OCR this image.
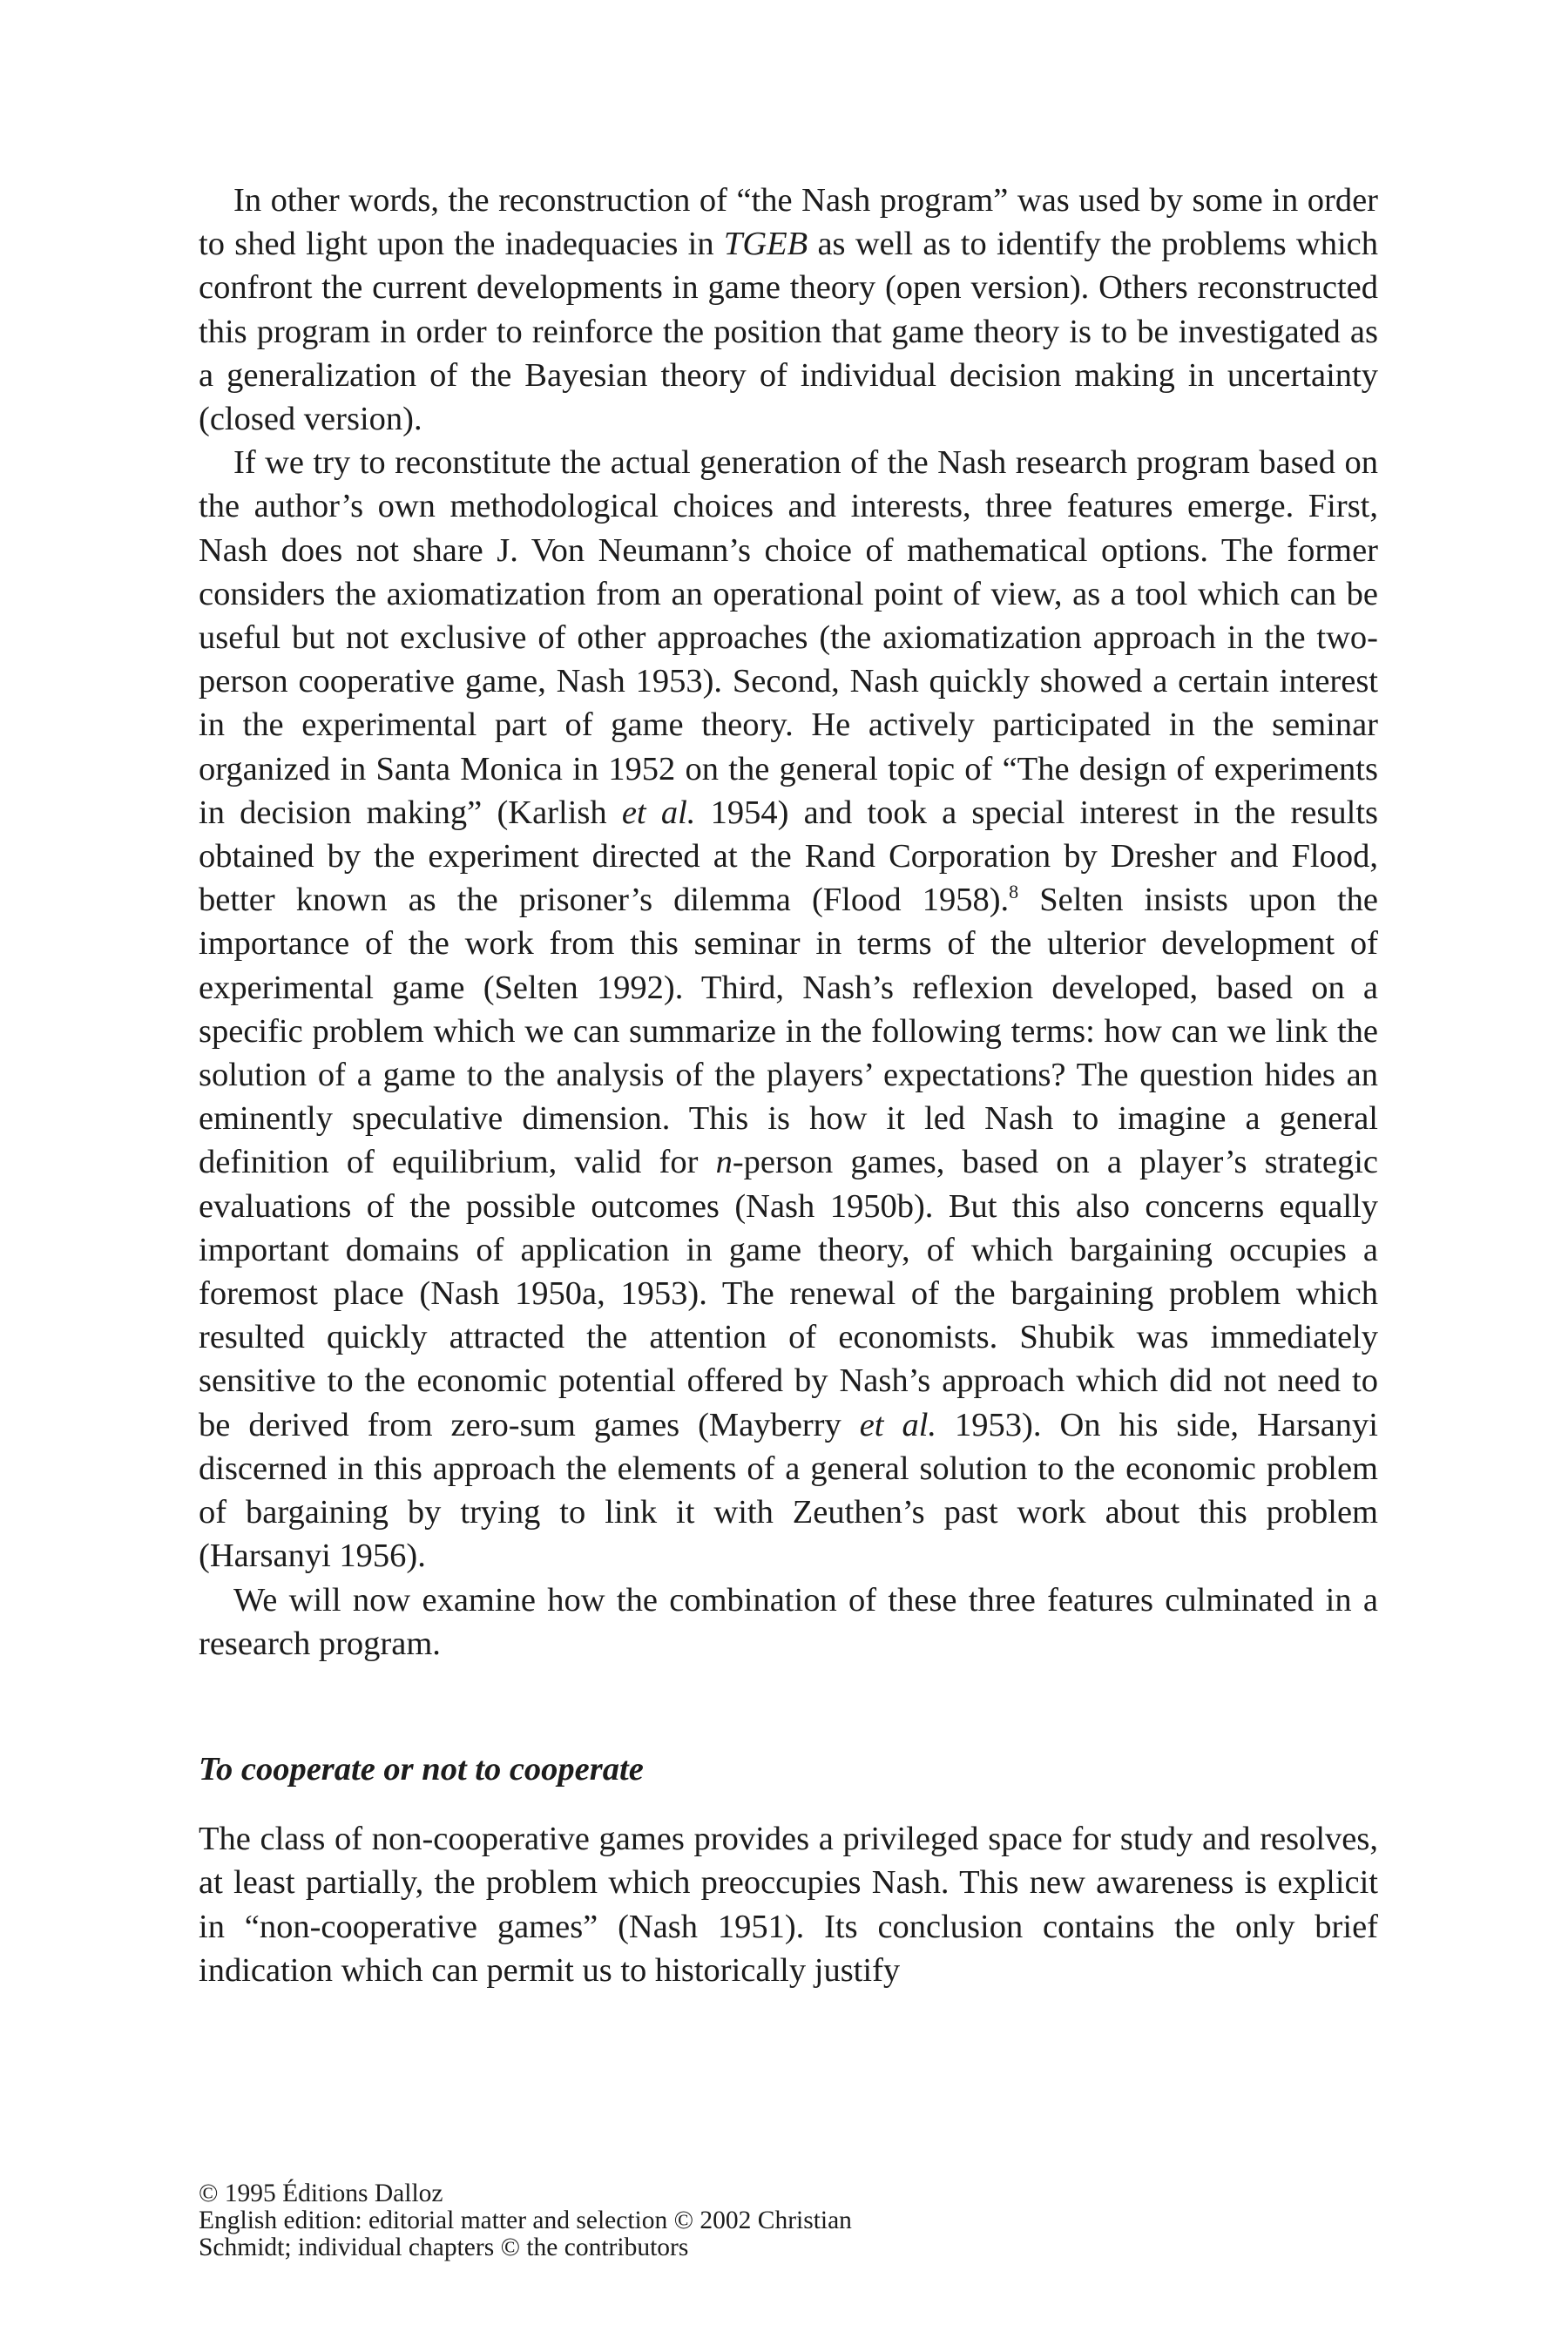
In other words, the reconstruction of “the Nash program” was used by some in order to shed light upon the inadequacies in TGEB as well as to identify the problems which confront the current developments in game theory (open version). Others reconstructed this program in order to reinforce the position that game theory is to be investigated as a generalization of the Bayesian theory of individual decision making in uncertainty (closed version).

If we try to reconstitute the actual generation of the Nash research program based on the author’s own methodological choices and interests, three features emerge. First, Nash does not share J. Von Neumann’s choice of mathematical options. The former considers the axiomatization from an operational point of view, as a tool which can be useful but not exclusive of other approaches (the axiomatization approach in the two-person cooperative game, Nash 1953). Second, Nash quickly showed a certain interest in the experimental part of game theory. He actively participated in the seminar organized in Santa Monica in 1952 on the general topic of “The design of experiments in decision making” (Karlish et al. 1954) and took a special interest in the results obtained by the experiment directed at the Rand Corporation by Dresher and Flood, better known as the prisoner’s dilemma (Flood 1958).$^8$ Selten insists upon the importance of the work from this seminar in terms of the ulterior development of experimental game (Selten 1992). Third, Nash’s reflexion developed, based on a specific problem which we can summarize in the following terms: how can we link the solution of a game to the analysis of the players’ expectations? The question hides an eminently speculative dimension. This is how it led Nash to imagine a general definition of equilibrium, valid for n-person games, based on a player’s strategic evaluations of the possible outcomes (Nash 1950b). But this also concerns equally important domains of application in game theory, of which bargaining occupies a foremost place (Nash 1950a, 1953). The renewal of the bargaining problem which resulted quickly attracted the attention of economists. Shubik was immediately sensitive to the economic potential offered by Nash’s approach which did not need to be derived from zero-sum games (Mayberry et al. 1953). On his side, Harsanyi discerned in this approach the elements of a general solution to the economic problem of bargaining by trying to link it with Zeuthen’s past work about this problem (Harsanyi 1956).

We will now examine how the combination of these three features culminated in a research program.

To cooperate or not to cooperate

The class of non-cooperative games provides a privileged space for study and resolves, at least partially, the problem which preoccupies Nash. This new awareness is explicit in “non-cooperative games” (Nash 1951). Its conclusion contains the only brief indication which can permit us to historically justify

© 1995 Éditions Dalloz
English edition: editorial matter and selection © 2002 Christian
Schmidt; individual chapters © the contributors
